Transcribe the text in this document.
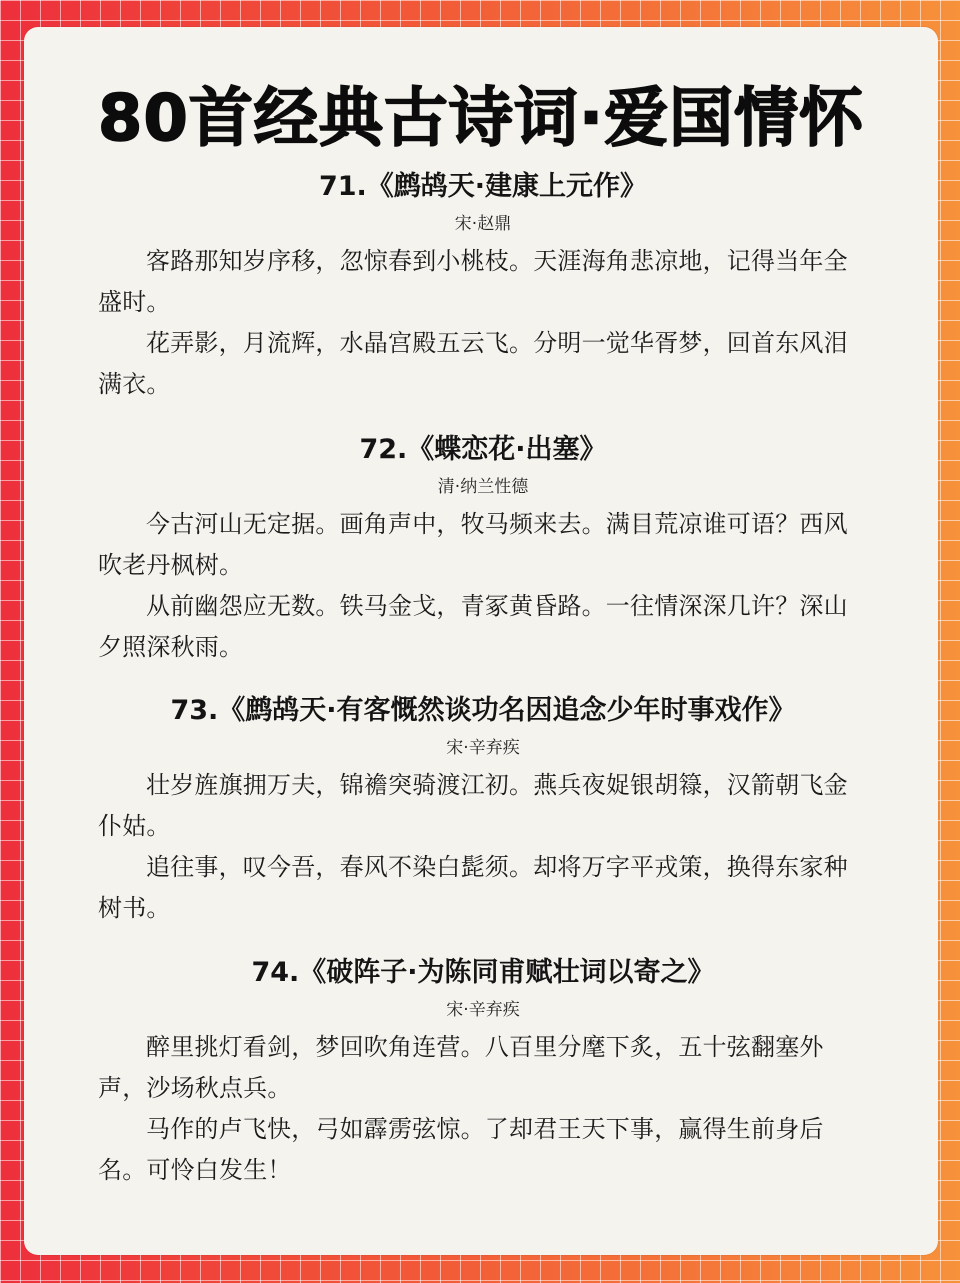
80首经典古诗词·爱国情怀
71.《鹧鸪天·建康上元作》
宋·赵鼎

客路那知岁序移，忽惊春到小桃枝。天涯海角悲凉地，记得当年全盛时。

花弄影，月流辉，水晶宫殿五云飞。分明一觉华胥梦，回首东风泪满衣。

72.《蝶恋花·出塞》
清·纳兰性德

今古河山无定据。画角声中，牧马频来去。满目荒凉谁可语？西风吹老丹枫树。

从前幽怨应无数。铁马金戈，青冢黄昏路。一往情深深几许？深山夕照深秋雨。

73.《鹧鸪天·有客慨然谈功名因追念少年时事戏作》
宋·辛弃疾

壮岁旌旗拥万夫，锦襜突骑渡江初。燕兵夜娖银胡簶，汉箭朝飞金仆姑。

追往事，叹今吾，春风不染白髭须。却将万字平戎策，换得东家种树书。

74.《破阵子·为陈同甫赋壮词以寄之》
宋·辛弃疾

醉里挑灯看剑，梦回吹角连营。八百里分麾下炙，五十弦翻塞外声，沙场秋点兵。

马作的卢飞快，弓如霹雳弦惊。了却君王天下事，赢得生前身后名。可怜白发生！
